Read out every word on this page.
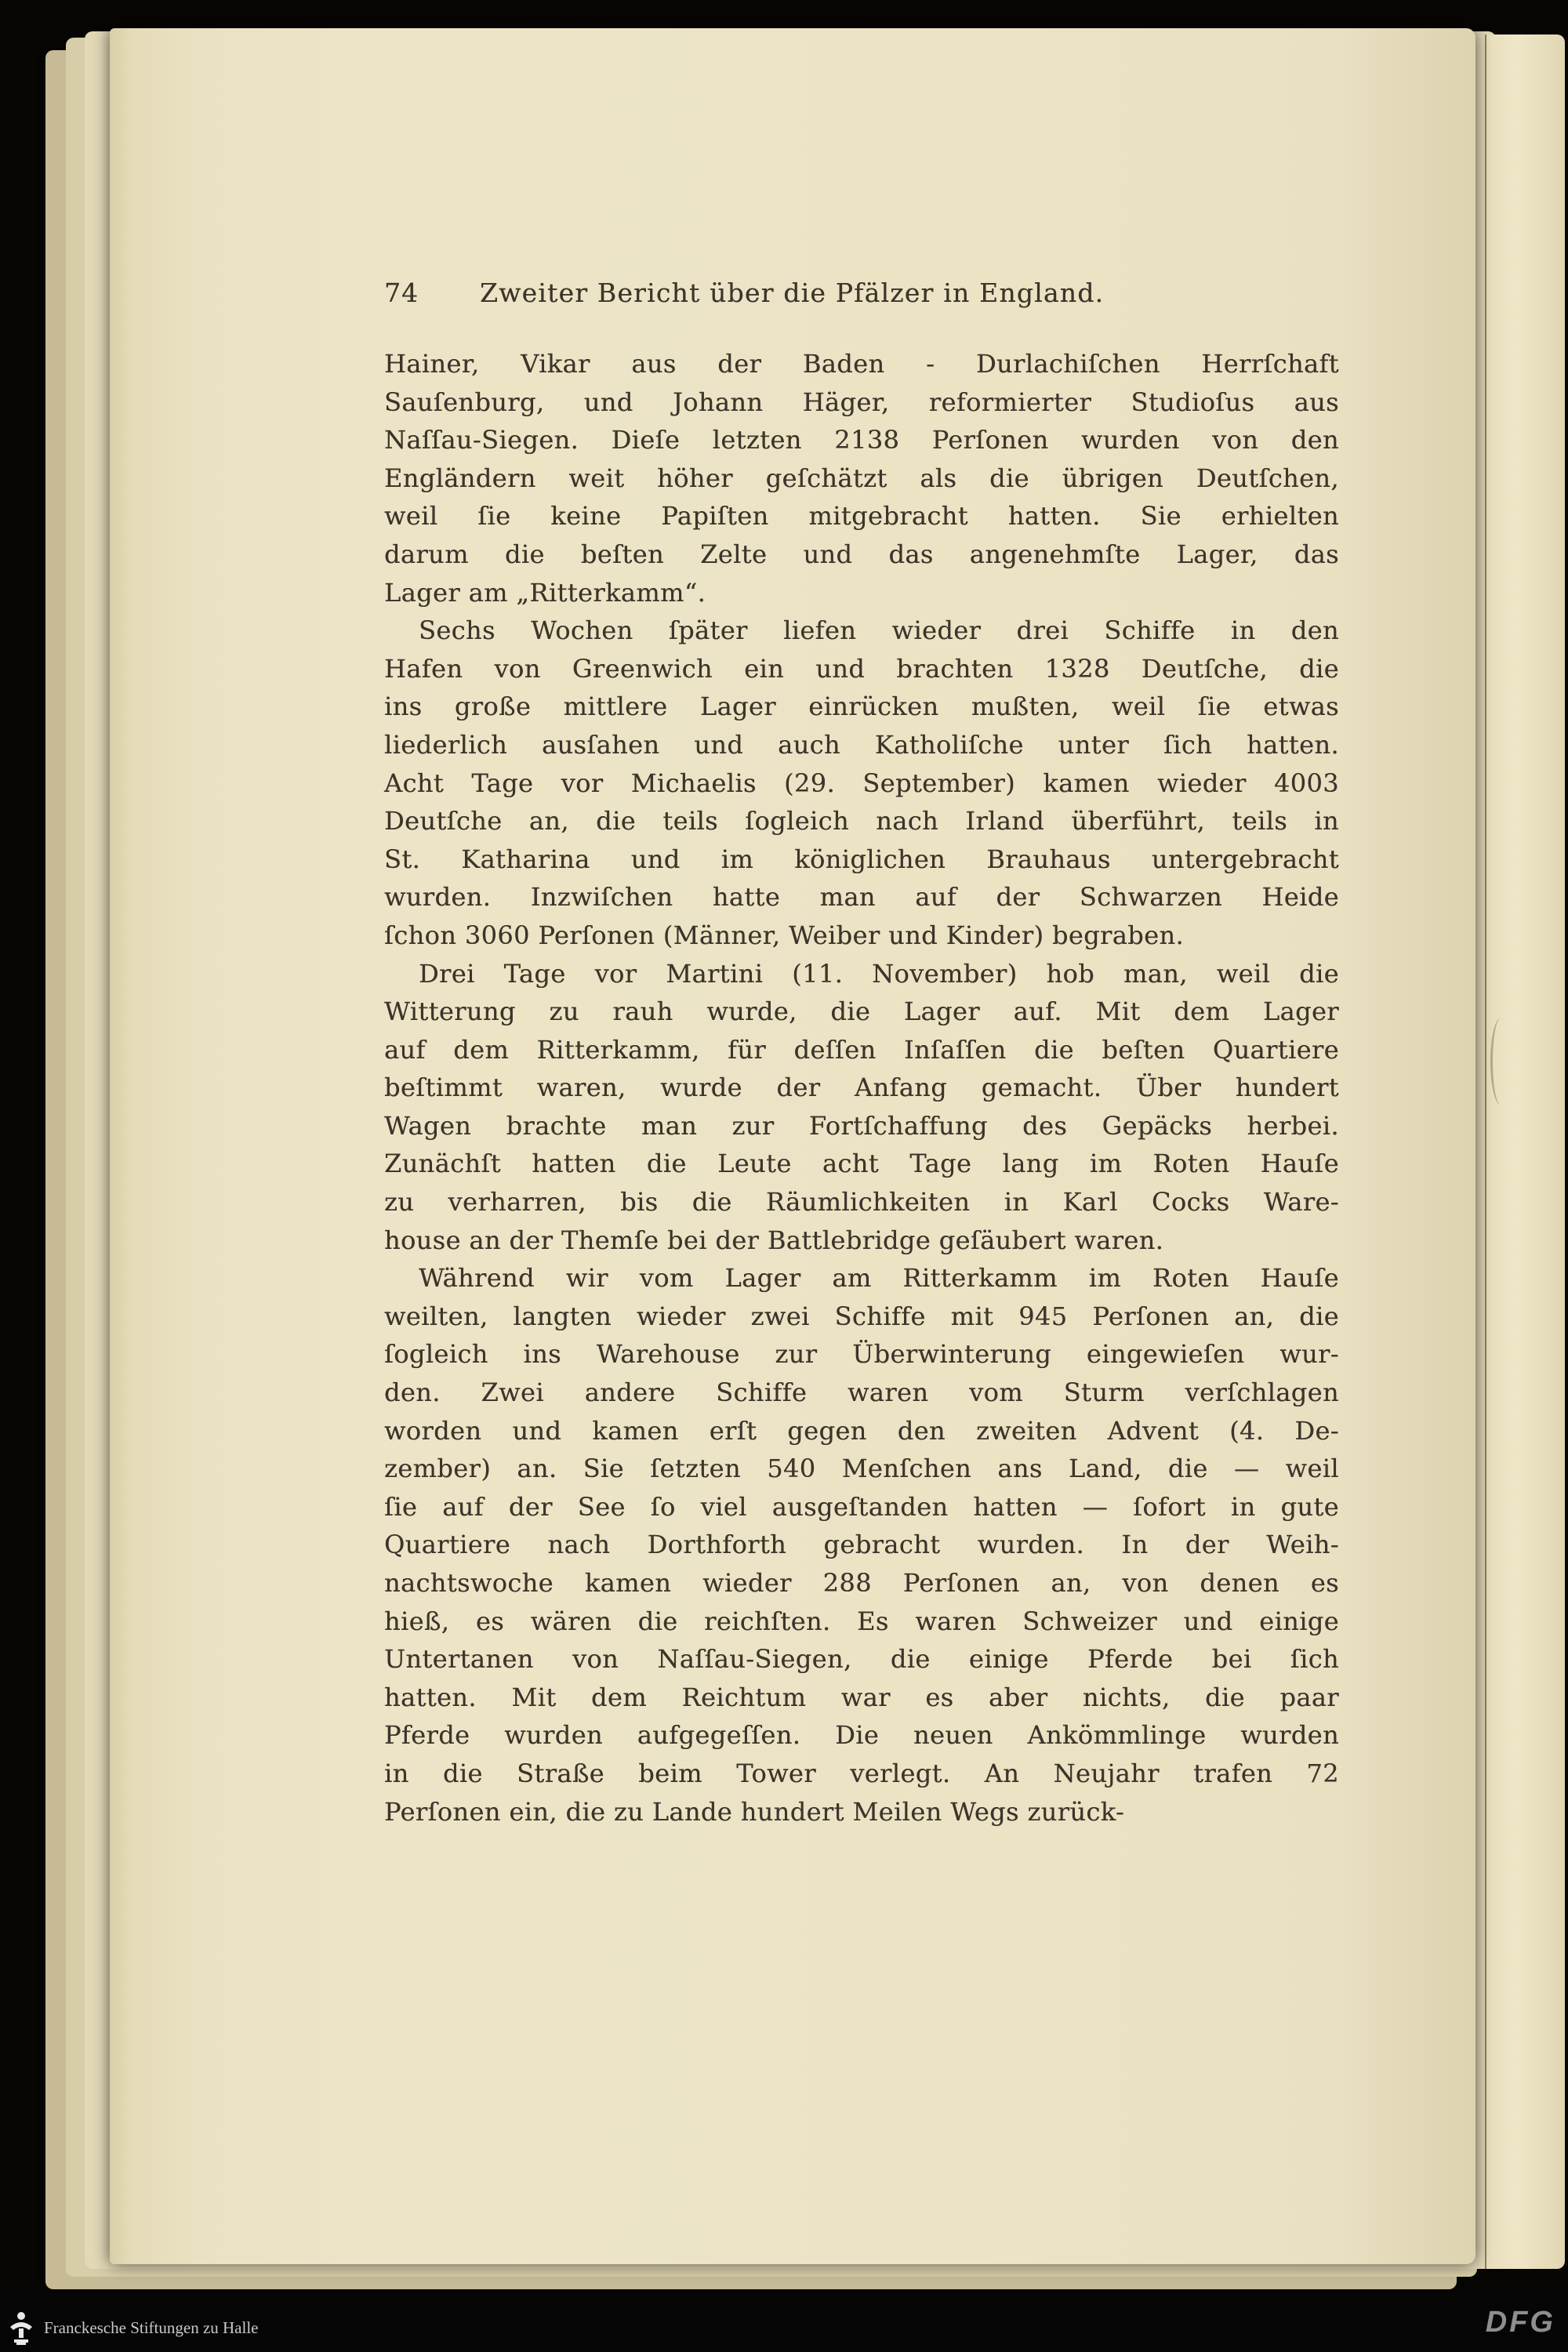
74 Zweiter Bericht über die Pfälzer in England.
Hainer, Vikar aus der Baden - Durlachiſchen Herrſchaft
Sauſenburg, und Johann Häger, reformierter Studioſus aus
Naſſau-Siegen. Dieſe letzten 2138 Perſonen wurden von den
Engländern weit höher geſchätzt als die übrigen Deutſchen,
weil ſie keine Papiſten mitgebracht hatten. Sie erhielten
darum die beſten Zelte und das angenehmſte Lager, das
Lager am „Ritterkamm“.
Sechs Wochen ſpäter liefen wieder drei Schiffe in den
Hafen von Greenwich ein und brachten 1328 Deutſche, die
ins große mittlere Lager einrücken mußten, weil ſie etwas
liederlich ausſahen und auch Katholiſche unter ſich hatten.
Acht Tage vor Michaelis (29. September) kamen wieder 4003
Deutſche an, die teils ſogleich nach Irland überführt, teils in
St. Katharina und im königlichen Brauhaus untergebracht
wurden. Inzwiſchen hatte man auf der Schwarzen Heide
ſchon 3060 Perſonen (Männer, Weiber und Kinder) begraben.
Drei Tage vor Martini (11. November) hob man, weil die
Witterung zu rauh wurde, die Lager auf. Mit dem Lager
auf dem Ritterkamm, für deſſen Inſaſſen die beſten Quartiere
beſtimmt waren, wurde der Anfang gemacht. Über hundert
Wagen brachte man zur Fortſchaffung des Gepäcks herbei.
Zunächſt hatten die Leute acht Tage lang im Roten Hauſe
zu verharren, bis die Räumlichkeiten in Karl Cocks Ware-
house an der Themſe bei der Battlebridge geſäubert waren.
Während wir vom Lager am Ritterkamm im Roten Hauſe
weilten, langten wieder zwei Schiffe mit 945 Perſonen an, die
ſogleich ins Warehouse zur Überwinterung eingewieſen wur-
den. Zwei andere Schiffe waren vom Sturm verſchlagen
worden und kamen erſt gegen den zweiten Advent (4. De-
zember) an. Sie ſetzten 540 Menſchen ans Land, die — weil
ſie auf der See ſo viel ausgeſtanden hatten — ſofort in gute
Quartiere nach Dorthforth gebracht wurden. In der Weih-
nachtswoche kamen wieder 288 Perſonen an, von denen es
hieß, es wären die reichſten. Es waren Schweizer und einige
Untertanen von Naſſau-Siegen, die einige Pferde bei ſich
hatten. Mit dem Reichtum war es aber nichts, die paar
Pferde wurden aufgegeſſen. Die neuen Ankömmlinge wurden
in die Straße beim Tower verlegt. An Neujahr trafen 72
Perſonen ein, die zu Lande hundert Meilen Wegs zurück-
Franckesche Stiftungen zu Halle	DFG
